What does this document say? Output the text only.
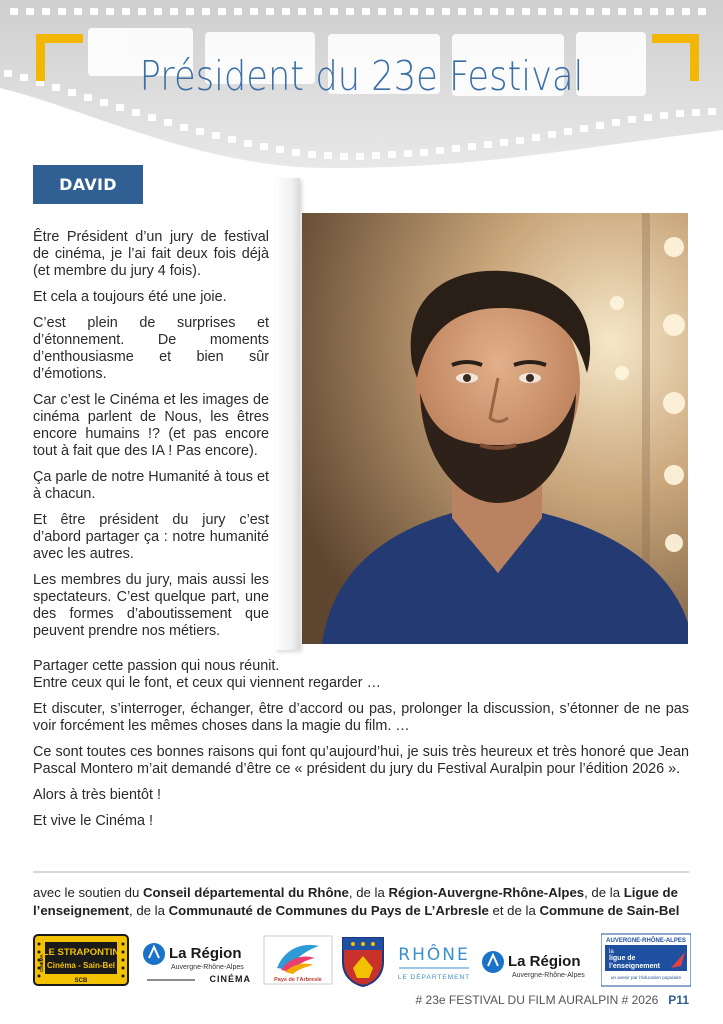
Président du 23e Festival
DAVID AYALA

Être Président d’un jury de festival de cinéma, je l’ai fait deux fois déjà (et membre du jury 4 fois).

Et cela a toujours été une joie.

C’est plein de surprises et d’étonnement. De moments d’enthousiasme et bien sûr d’émotions.

Car c’est le Cinéma et les images de cinéma parlent de Nous, les êtres encore humains !? (et pas encore tout à fait que des IA ! Pas encore).

Ça parle de notre Humanité à tous et à chacun.

Et être président du jury c’est d’abord partager ça : notre humanité avec les autres.

Les membres du jury, mais aussi les spectateurs. C’est quelque part, une des formes d’aboutissement que peuvent prendre nos métiers.

Partager cette passion qui nous réunit.

Entre ceux qui le font, et ceux qui viennent regarder …

Et discuter, s’interroger, échanger, être d’accord ou pas, prolonger la discussion, s’étonner de ne pas voir forcément les mêmes choses dans la magie du film. …

Ce sont toutes ces bonnes raisons qui font qu’aujourd’hui, je suis très heureux et très honoré que Jean Pascal Montero m’ait demandé d’être ce « président du jury du Festival Auralpin pour l’édition 2026 ».

Alors à très bientôt !

Et vive le Cinéma !

avec le soutien du Conseil départemental du Rhône, de la Région-Auvergne-Rhône-Alpes, de la Ligue de l’enseignement, de la Communauté de Communes du Pays de L’Arbresle et de la Commune de Sain-Bel
LE STRAPONTIN
Cinéma - Sain-Bel
SCB
CINÉMA
La Région
Auvergne-Rhône-Alpes
CINÉMA	Pays de l’Arbresle
RHÔNE
LE DÉPARTEMENT
La Région
Auvergne-Rhône-Alpes
AUVERGNE-RHÔNE-ALPES
la
ligue de
l’enseignement
un avenir par l’éducation populaire
# 23e FESTIVAL DU FILM AURALPIN # 2026 P11
